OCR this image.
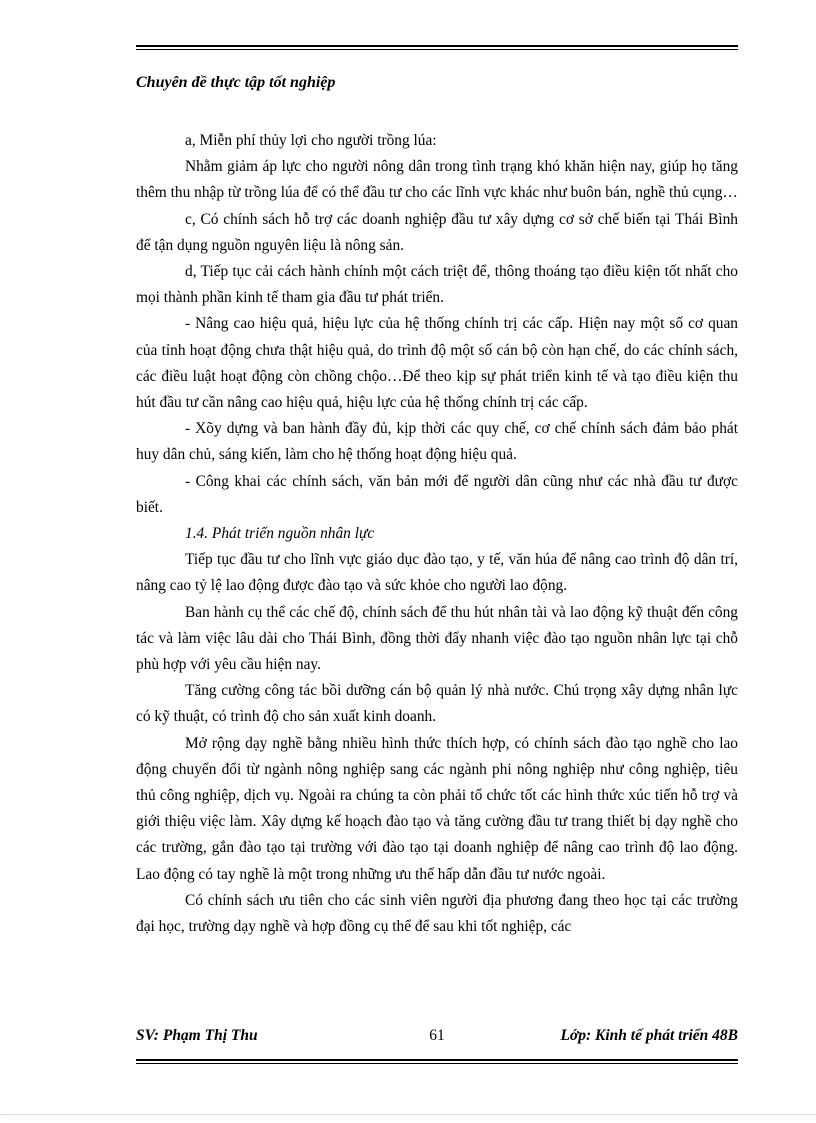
Chuyên đề thực tập tốt nghiệp

a, Miễn phí thủy lợi cho người trồng lúa:

Nhằm giảm áp lực cho người nông dân trong tình trạng khó khăn hiện nay, giúp họ tăng thêm thu nhập từ trồng lúa để có thể đầu tư cho các lĩnh vực khác như buôn bán, nghề thủ cụng…

c, Có chính sách hỗ trợ các doanh nghiệp đầu tư xây dựng cơ sở chế biến tại Thái Bình để tận dụng nguồn nguyên liệu là nông sản.

d, Tiếp tục cải cách hành chính một cách triệt để, thông thoáng tạo điều kiện tốt nhất cho mọi thành phần kinh tế tham gia đầu tư phát triển.

- Nâng cao hiệu quả, hiệu lực của hệ thống chính trị các cấp. Hiện nay một số cơ quan của tỉnh hoạt động chưa thật hiệu quả, do trình độ một số cán bộ còn hạn chế, do các chính sách, các điều luật hoạt động còn chồng chộo…Để theo kịp sự phát triển kinh tế và tạo điều kiện thu hút đầu tư cần nâng cao hiệu quả, hiệu lực của hệ thống chính trị các cấp.

- Xõy dựng và ban hành đầy đủ, kịp thời các quy chế, cơ chế chính sách đảm bảo phát huy dân chủ, sáng kiến, làm cho hệ thống hoạt động hiệu quả.

- Công khai các chính sách, văn bản mới để người dân cũng như các nhà đầu tư được biết.

1.4. Phát triển nguồn nhân lực

Tiếp tục đầu tư cho lĩnh vực giáo dục đào tạo, y tế, văn húa để nâng cao trình độ dân trí, nâng cao tỷ lệ lao động được đào tạo và sức khỏe cho người lao động.

Ban hành cụ thể các chế độ, chính sách để thu hút nhân tài và lao động kỹ thuật đến công tác và làm việc lâu dài cho Thái Bình, đồng thời đẩy nhanh việc đào tạo nguồn nhân lực tại chỗ phù hợp với yêu cầu hiện nay.

Tăng cường công tác bồi dưỡng cán bộ quản lý nhà nước. Chú trọng xây dựng nhân lực có kỹ thuật, có trình độ cho sản xuất kinh doanh.

Mở rộng dạy nghề bằng nhiều hình thức thích hợp, có chính sách đào tạo nghề cho lao động chuyển đổi từ ngành nông nghiệp sang các ngành phi nông nghiệp như công nghiệp, tiêu thủ công nghiệp, dịch vụ. Ngoài ra chúng ta còn phải tổ chức tốt các hình thức xúc tiến hỗ trợ và giới thiệu việc làm. Xây dựng kế hoạch đào tạo và tăng cường đầu tư trang thiết bị dạy nghề cho các trường, gắn đào tạo tại trường với đào tạo tại doanh nghiệp để nâng cao trình độ lao động. Lao động có tay nghề là một trong những ưu thế hấp dẫn đầu tư nước ngoài.

Có chính sách ưu tiên cho các sinh viên người địa phương đang theo học tại các trường đại học, trường dạy nghề và hợp đồng cụ thể để sau khi tốt nghiệp, các

SV: Phạm Thị Thu	61	Lớp: Kinh tế phát triển 48B
